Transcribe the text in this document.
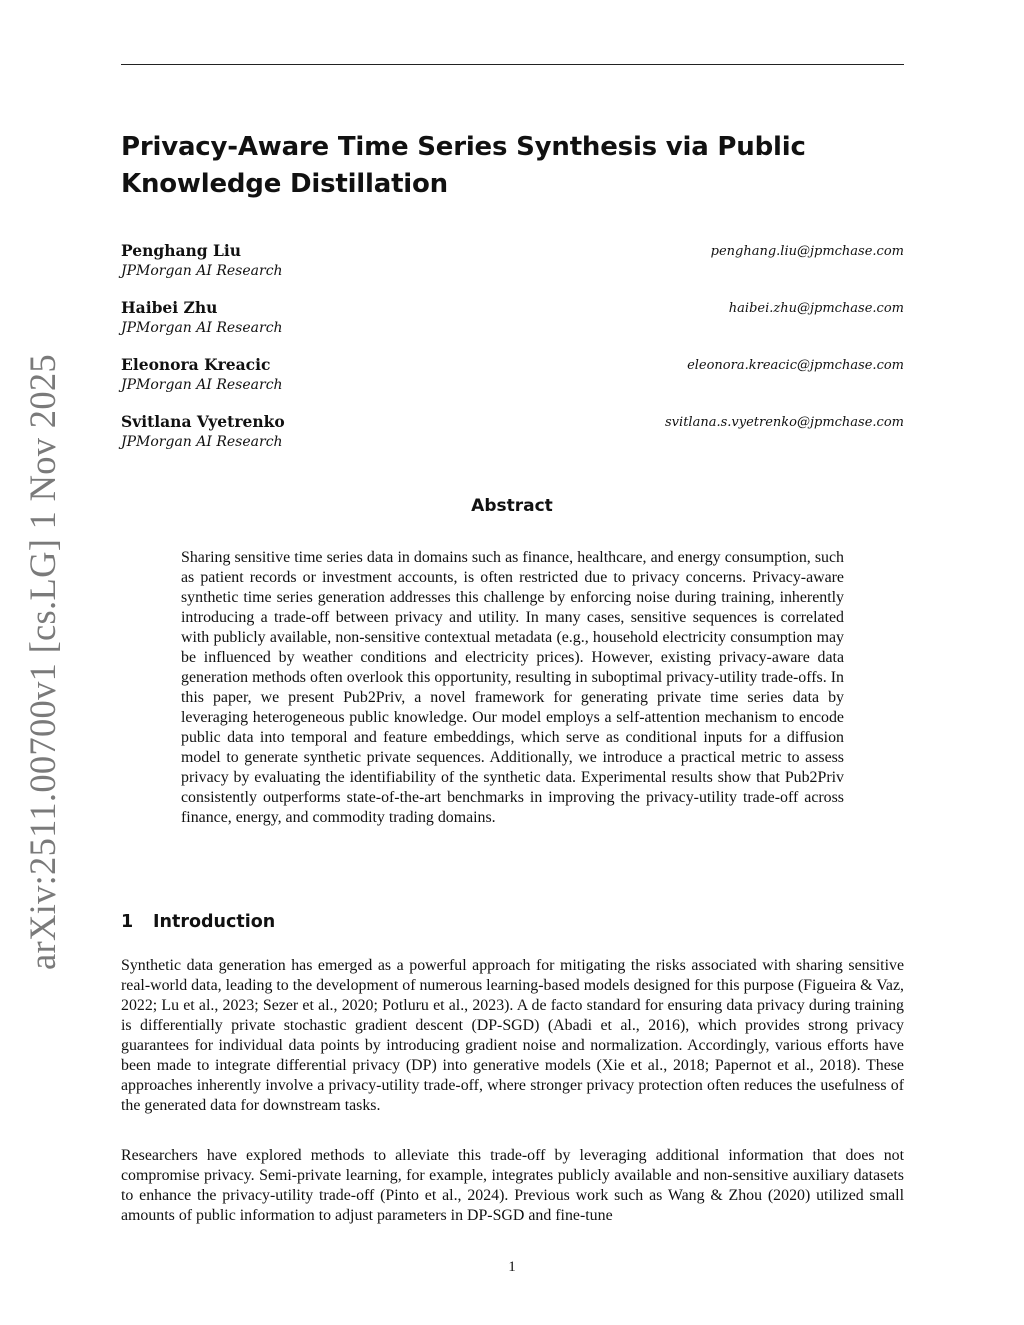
arXiv:2511.00700v1 [cs.LG] 1 Nov 2025
Privacy-Aware Time Series Synthesis via Public Knowledge Distillation
Penghang Liu
JPMorgan AI Research
penghang.liu@jpmchase.com
Haibei Zhu
JPMorgan AI Research
haibei.zhu@jpmchase.com
Eleonora Kreacic
JPMorgan AI Research
eleonora.kreacic@jpmchase.com
Svitlana Vyetrenko
JPMorgan AI Research
svitlana.s.vyetrenko@jpmchase.com
Abstract

Sharing sensitive time series data in domains such as finance, healthcare, and energy consumption, such as patient records or investment accounts, is often restricted due to privacy concerns. Privacy-aware synthetic time series generation addresses this challenge by enforcing noise during training, inherently introducing a trade-off between privacy and utility. In many cases, sensitive sequences is correlated with publicly available, non-sensitive contextual metadata (e.g., household electricity consumption may be influenced by weather conditions and electricity prices). However, existing privacy-aware data generation methods often overlook this opportunity, resulting in suboptimal privacy-utility trade-offs. In this paper, we present Pub2Priv, a novel framework for generating private time series data by leveraging heterogeneous public knowledge. Our model employs a self-attention mechanism to encode public data into temporal and feature embeddings, which serve as conditional inputs for a diffusion model to generate synthetic private sequences. Additionally, we introduce a practical metric to assess privacy by evaluating the identifiability of the synthetic data. Experimental results show that Pub2Priv consistently outperforms state-of-the-art benchmarks in improving the privacy-utility trade-off across finance, energy, and commodity trading domains.

1 Introduction

Synthetic data generation has emerged as a powerful approach for mitigating the risks associated with sharing sensitive real-world data, leading to the development of numerous learning-based models designed for this purpose (Figueira & Vaz, 2022; Lu et al., 2023; Sezer et al., 2020; Potluru et al., 2023). A de facto standard for ensuring data privacy during training is differentially private stochastic gradient descent (DP-SGD) (Abadi et al., 2016), which provides strong privacy guarantees for individual data points by introducing gradient noise and normalization. Accordingly, various efforts have been made to integrate differential privacy (DP) into generative models (Xie et al., 2018; Papernot et al., 2018). These approaches inherently involve a privacy-utility trade-off, where stronger privacy protection often reduces the usefulness of the generated data for downstream tasks.

Researchers have explored methods to alleviate this trade-off by leveraging additional information that does not compromise privacy. Semi-private learning, for example, integrates publicly available and non-sensitive auxiliary datasets to enhance the privacy-utility trade-off (Pinto et al., 2024). Previous work such as Wang & Zhou (2020) utilized small amounts of public information to adjust parameters in DP-SGD and fine-tune

1
